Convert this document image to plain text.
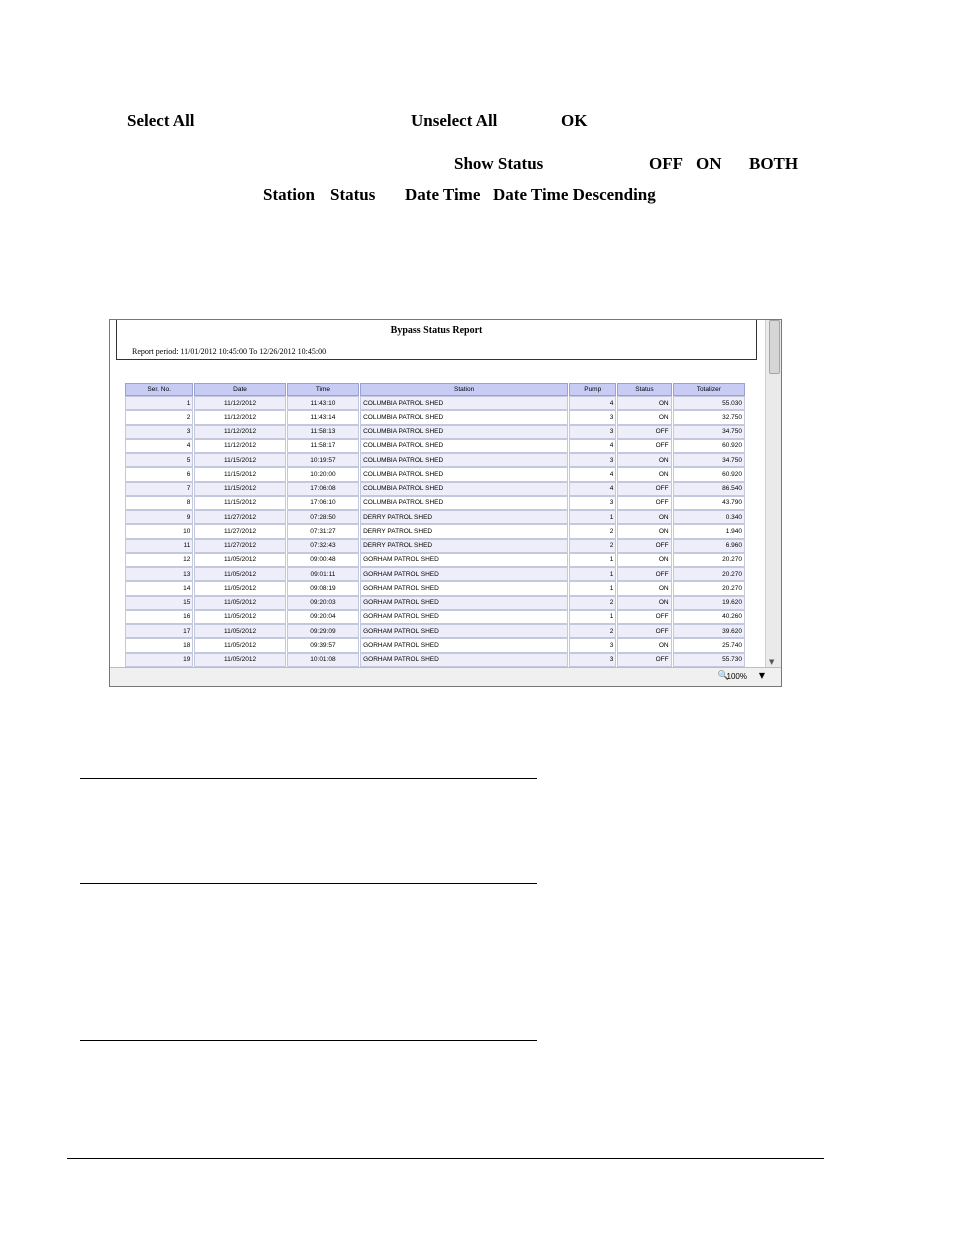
Select All	Unselect All	OK
Show Status	OFF ON BOTH
Station Status Date Time Date Time Descending
Bypass Status Report
Report period: 11/01/2012 10:45:00 To 12/26/2012 10:45:00
Ser. No.	Date	Time	Station	Pump	Status	Totalizer
1	11/12/2012	11:43:10	COLUMBIA PATROL SHED	4	ON	55.030
2	11/12/2012	11:43:14	COLUMBIA PATROL SHED	3	ON	32.750
3	11/12/2012	11:58:13	COLUMBIA PATROL SHED	3	OFF	34.750
4	11/12/2012	11:58:17	COLUMBIA PATROL SHED	4	OFF	60.920
5	11/15/2012	10:19:57	COLUMBIA PATROL SHED	3	ON	34.750
6	11/15/2012	10:20:00	COLUMBIA PATROL SHED	4	ON	60.920
7	11/15/2012	17:06:08	COLUMBIA PATROL SHED	4	OFF	86.540
8	11/15/2012	17:06:10	COLUMBIA PATROL SHED	3	OFF	43.790
9	11/27/2012	07:28:50	DERRY PATROL SHED	1	ON	0.340
10	11/27/2012	07:31:27	DERRY PATROL SHED	2	ON	1.940
11	11/27/2012	07:32:43	DERRY PATROL SHED	2	OFF	6.960
12	11/05/2012	09:00:48	GORHAM PATROL SHED	1	ON	20.270
13	11/05/2012	09:01:11	GORHAM PATROL SHED	1	OFF	20.270
14	11/05/2012	09:08:19	GORHAM PATROL SHED	1	ON	20.270
15	11/05/2012	09:20:03	GORHAM PATROL SHED	2	ON	19.620
16	11/05/2012	09:20:04	GORHAM PATROL SHED	1	OFF	40.260
17	11/05/2012	09:29:09	GORHAM PATROL SHED	2	OFF	39.620
18	11/05/2012	09:39:57	GORHAM PATROL SHED	3	ON	25.740
19	11/05/2012	10:01:08	GORHAM PATROL SHED	3	OFF	55.730

							▼
🔍
100% ▼
